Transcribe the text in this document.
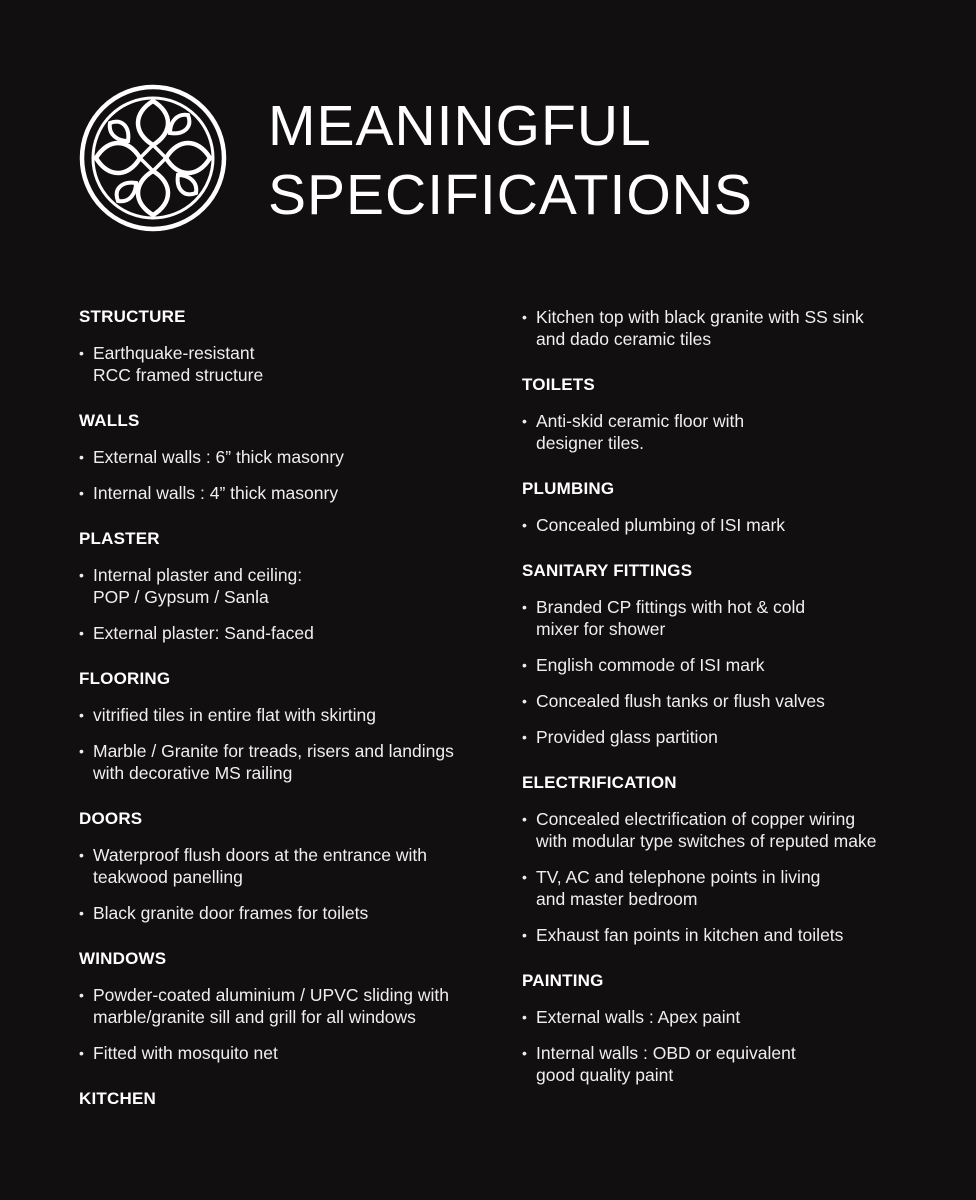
MEANINGFUL
SPECIFICATIONS
STRUCTURE
• Earthquake-resistant
RCC framed structure
WALLS
• External walls : 6” thick masonry
• Internal walls : 4” thick masonry
PLASTER
• Internal plaster and ceiling:
POP / Gypsum / Sanla
• External plaster: Sand-faced
FLOORING
• vitrified tiles in entire flat with skirting
• Marble / Granite for treads, risers and landings
with decorative MS railing
DOORS
• Waterproof flush doors at the entrance with
teakwood panelling
• Black granite door frames for toilets
WINDOWS
• Powder-coated aluminium / UPVC sliding with
marble/granite sill and grill for all windows
• Fitted with mosquito net
KITCHEN
• Kitchen top with black granite with SS sink
and dado ceramic tiles
TOILETS
• Anti-skid ceramic floor with
designer tiles.
PLUMBING
• Concealed plumbing of ISI mark
SANITARY FITTINGS
• Branded CP fittings with hot & cold
mixer for shower
• English commode of ISI mark
• Concealed flush tanks or flush valves
• Provided glass partition
ELECTRIFICATION
• Concealed electrification of copper wiring
with modular type switches of reputed make
• TV, AC and telephone points in living
and master bedroom
• Exhaust fan points in kitchen and toilets
PAINTING
• External walls : Apex paint
• Internal walls : OBD or equivalent
good quality paint
